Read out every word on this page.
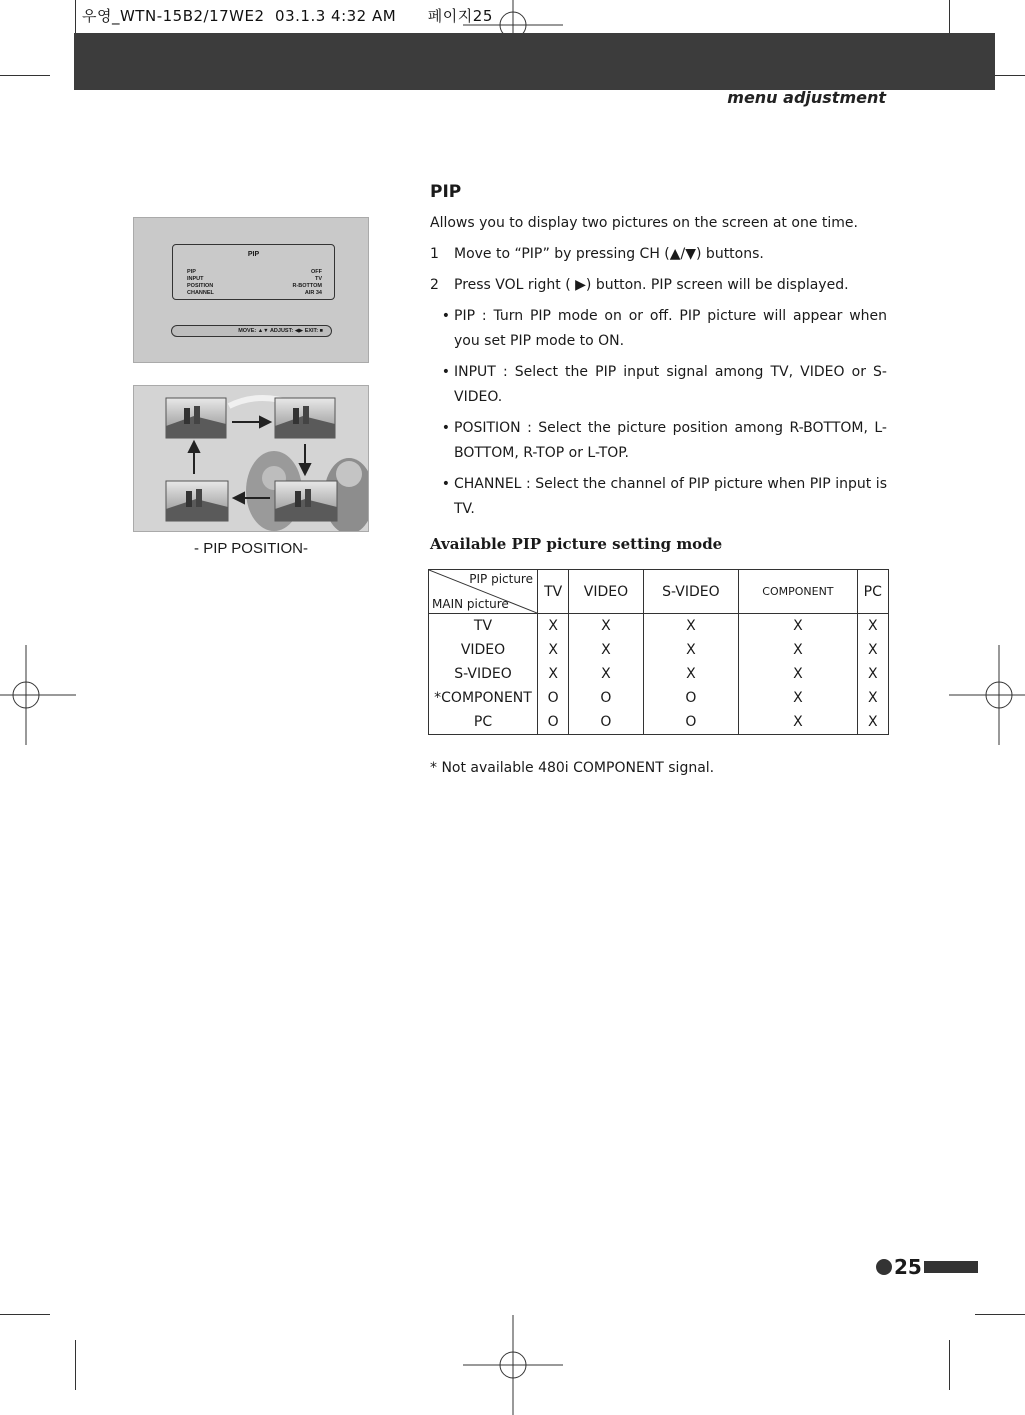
우영_WTN-15B2/17WE2  03.1.3 4:32 AM      페이지25
menu adjustment
PIP
PIP	OFF
INPUT	TV
POSITION	R-BOTTOM
CHANNEL	AIR 34
MOVE: ▲▼ ADJUST: ◀▶ EXIT: ■
- PIP POSITION-
PIP

Allows you to display two pictures on the screen at one time.

1	Move to “PIP” by pressing CH (▲/▼) buttons.
2	Press VOL right ( ▶) button. PIP screen will be displayed.
• PIP : Turn PIP mode on or off. PIP picture will appear when you set PIP mode to ON.
• INPUT : Select the PIP input signal among TV, VIDEO or S-VIDEO.
• POSITION : Select the picture position among R-BOTTOM, L-BOTTOM, R-TOP or L-TOP.
• CHANNEL : Select the channel of PIP picture when PIP input is TV.

Available PIP picture setting mode

PIP picture
MAIN picture	TV	VIDEO	S-VIDEO	COMPONENT	PC
TV	X	X	X	X	X
VIDEO	X	X	X	X	X
S-VIDEO	X	X	X	X	X
*COMPONENT	O	O	O	X	X
PC	O	O	O	X	X
* Not available 480i COMPONENT signal.
25
